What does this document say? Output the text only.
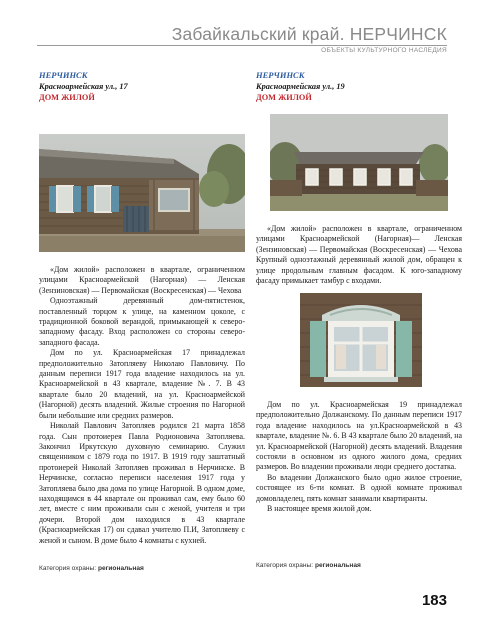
Забайкальский край. НЕРЧИНСК
ОБЪЕКТЫ КУЛЬТУРНОГО НАСЛЕДИЯ
НЕРЧИНСК
Красноармейская ул., 17
ДОМ ЖИЛОЙ

«Дом жилой» расположен в квартале, ограниченном улицами Красноармейской (Нагорная) — Ленская (Зензиновская) — Первомайская (Воскресенская) — Чехова

Одноэтажный деревянный дом-пятистенок, поставленный торцом к улице, на каменном цоколе, с традиционной боковой верандой, примыкающей к северо-западному фасаду. Вход расположен со стороны северо-западного фасада.

Дом по ул. Красноармейская 17 принадлежал предположительно Затопляеву Николаю Павловичу. По данным переписи 1917 года владение находилось на ул. Красноармейской в 43 квартале, владение №. 7. В 43 квартале было 20 владений, на ул. Красноармейской (Нагорной) десять владений. Жилые строения по Нагорной были небольшие или средних размеров.

Николай Павлович Затопляев родился 21 марта 1858 года. Сын протоиерея Павла Родионовича Затопляева. Закончил Иркутскую духовную семинарию. Служил священником с 1879 года по 1917. В 1919 году заштатный протоиерей Николай Затопляев проживал в Нерчинске. В Нерчинске, согласно переписи населения 1917 года у Затопляева было два дома по улице Нагорной. В одном доме, находящимся в 44 квартале он проживал сам, ему было 60 лет, вместе с ним проживали сын с женой, учителя и три дочери. Второй дом находился в 43 квартале (Красноармейская 17) он сдавал учителю П.И, Затопляеву с женой и сыном. В доме было 4 комнаты с кухней.

Категория охраны: региональная
НЕРЧИНСК
Красноармейская ул., 19
ДОМ ЖИЛОЙ

«Дом жилой» расположен в квартале, ограниченном улицами Красноармейской (Нагорная)— Ленская (Зензиновская) — Первомайская (Воскресенская) — Чехова Крупный одноэтажный деревянный жилой дом, обращен к улице продольным главным фасадом. К юго-западному фасаду примыкает тамбур с входами.

Дом по ул. Красноармейская 19 принадлежал предположительно Должанскому. По данным переписи 1917 года владение находилось на ул.Красноармейской в 43 квартале, владение №. 6. В 43 квартале было 20 владений, на ул. Красноармейской (Нагорной) десять владений. Владения состояли в основном из одного жилого дома, средних размеров. Во владении проживали люди среднего достатка.

Во владении Должанского было одно жилое строение, состоящее из 6-ти комнат. В одной комнате проживал домовладелец, пять комнат занимали квартиранты.

В настоящее время жилой дом.

Категория охраны: региональная
183
